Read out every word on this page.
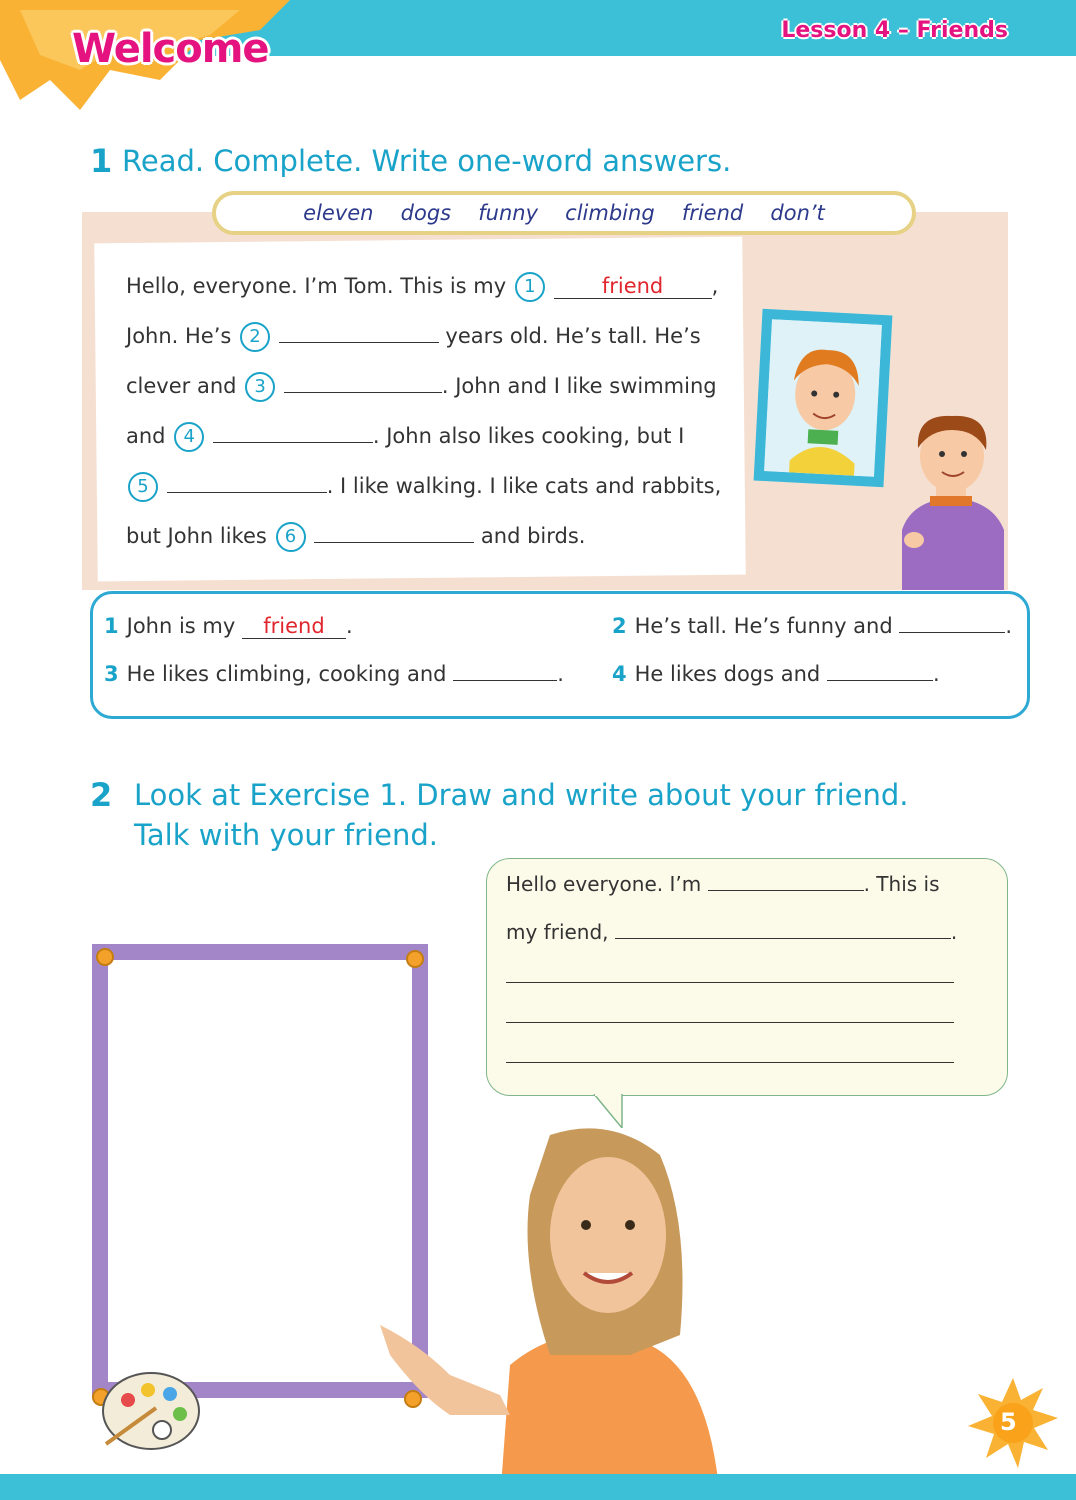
Welcome	Lesson 4 – Friends
1 Read. Complete. Write one-word answers.
eleven dogs funny climbing friend don’t
Hello, everyone. I’m Tom. This is my 1	friend ,
John. He’s 2	years old. He’s tall. He’s
clever and 3	. John and I like swimming
and 4	. John also likes cooking, but I
5	. I like walking. I like cats and rabbits,
but John likes 6	and birds.
1 John is my friend .	2 He’s tall. He’s funny and	.
3 He likes climbing, cooking and	. 4 He likes dogs and	.
2 Look at Exercise 1. Draw and write about your friend.
Talk with your friend.
Hello everyone. I’m	. This is
my friend,	.
5
